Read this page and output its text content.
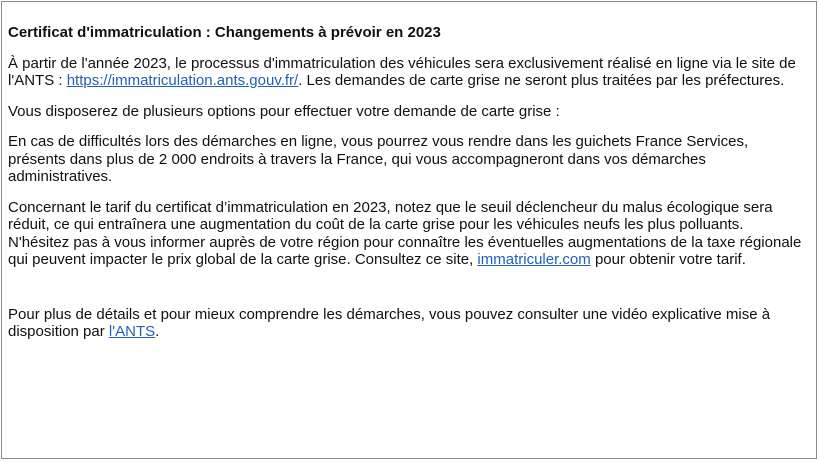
Certificat d'immatriculation : Changements à prévoir en 2023

À partir de l'année 2023, le processus d'immatriculation des véhicules sera exclusivement réalisé en ligne via le site de l'ANTS : https://immatriculation.ants.gouv.fr/. Les demandes de carte grise ne seront plus traitées par les préfectures.

Vous disposerez de plusieurs options pour effectuer votre demande de carte grise :

En cas de difficultés lors des démarches en ligne, vous pourrez vous rendre dans les guichets France Services, présents dans plus de 2 000 endroits à travers la France, qui vous accompagneront dans vos démarches administratives.

Concernant le tarif du certificat d’immatriculation en 2023, notez que le seuil déclencheur du malus écologique sera réduit, ce qui entraînera une augmentation du coût de la carte grise pour les véhicules neufs les plus polluants. N'hésitez pas à vous informer auprès de votre région pour connaître les éventuelles augmentations de la taxe régionale qui peuvent impacter le prix global de la carte grise. Consultez ce site, immatriculer.com pour obtenir votre tarif.

Pour plus de détails et pour mieux comprendre les démarches, vous pouvez consulter une vidéo explicative mise à disposition par l'ANTS.
